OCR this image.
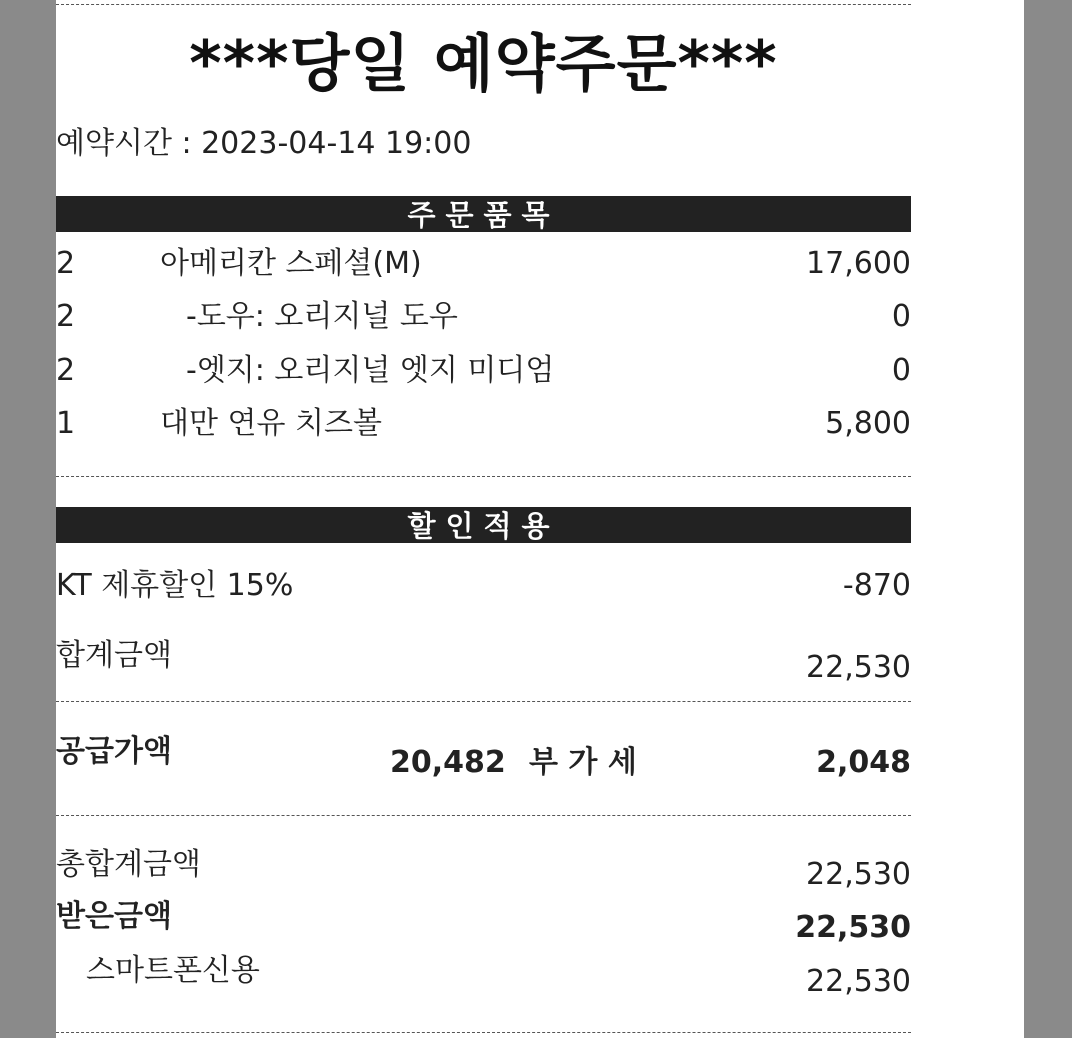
***당일 예약주문***
예약시간 : 2023-04-14 19:00
주문품목
2	아메리칸 스페셜(M)	17,600
2	-도우: 오리지널 도우	0
2	-엣지: 오리지널 엣지 미디엄	0
1	대만 연유 치즈볼	5,800
할인적용
KT 제휴할인 15%	-870
합계금액	22,530
공급가액	20,482 부 가 세	2,048
총합계금액	22,530
받은금액	22,530
스마트폰신용	22,530
